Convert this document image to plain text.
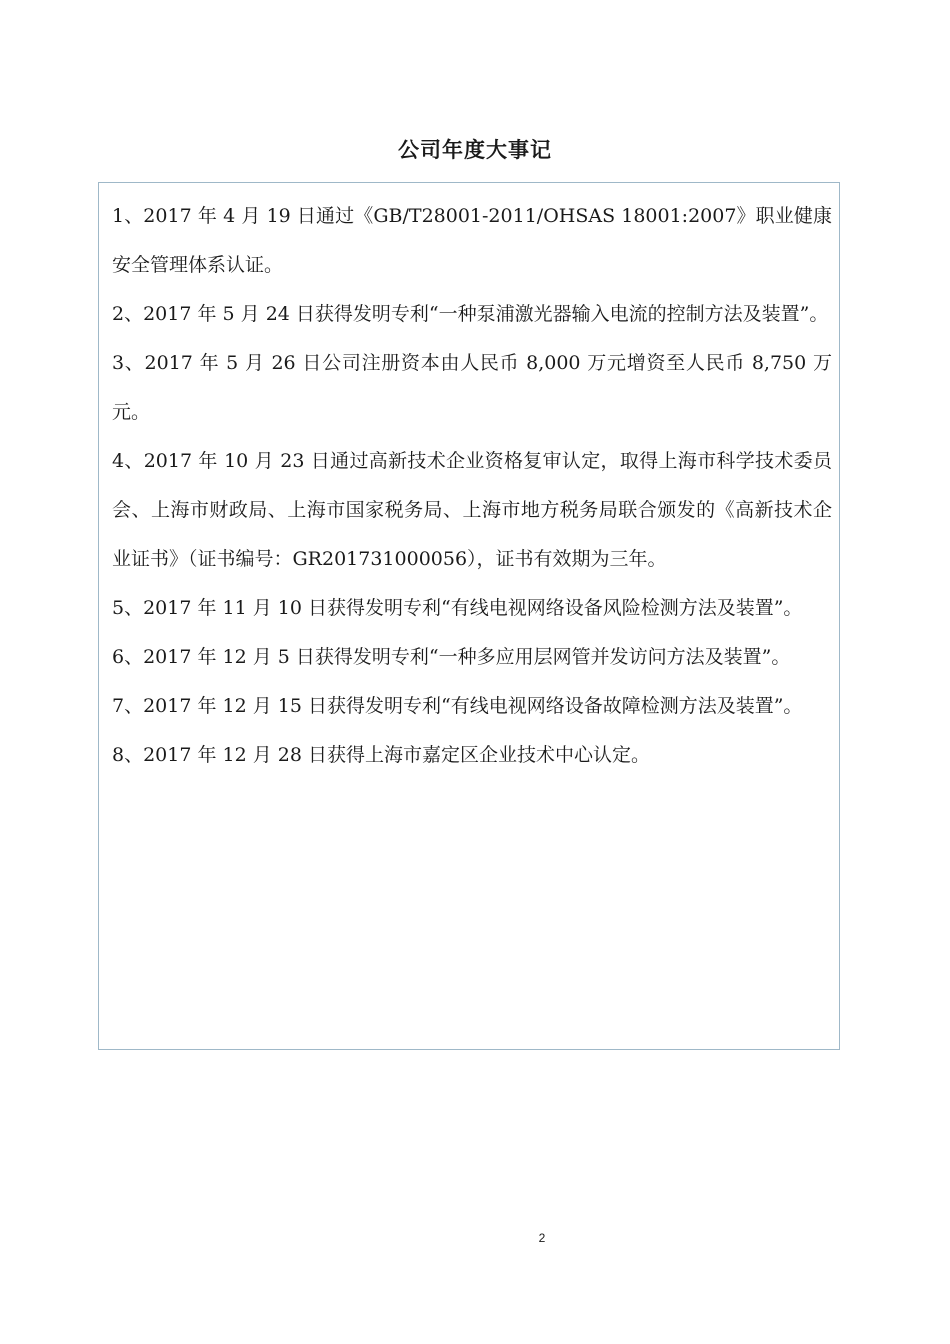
公司年度大事记

1、2017 年 4 月 19 日通过《GB/T28001-2011/OHSAS 18001:2007》职业健康安全管理体系认证。

2、2017 年 5 月 24 日获得发明专利“一种泵浦激光器输入电流的控制方法及装置”。

3、2017 年 5 月 26 日公司注册资本由人民币 8,000 万元增资至人民币 8,750 万元。

4、2017 年 10 月 23 日通过高新技术企业资格复审认定，取得上海市科学技术委员会、上海市财政局、上海市国家税务局、上海市地方税务局联合颁发的《高新技术企业证书》（证书编号：GR201731000056），证书有效期为三年。

5、2017 年 11 月 10 日获得发明专利“有线电视网络设备风险检测方法及装置”。

6、2017 年 12 月 5 日获得发明专利“一种多应用层网管并发访问方法及装置”。

7、2017 年 12 月 15 日获得发明专利“有线电视网络设备故障检测方法及装置”。

8、2017 年 12 月 28 日获得上海市嘉定区企业技术中心认定。

2
